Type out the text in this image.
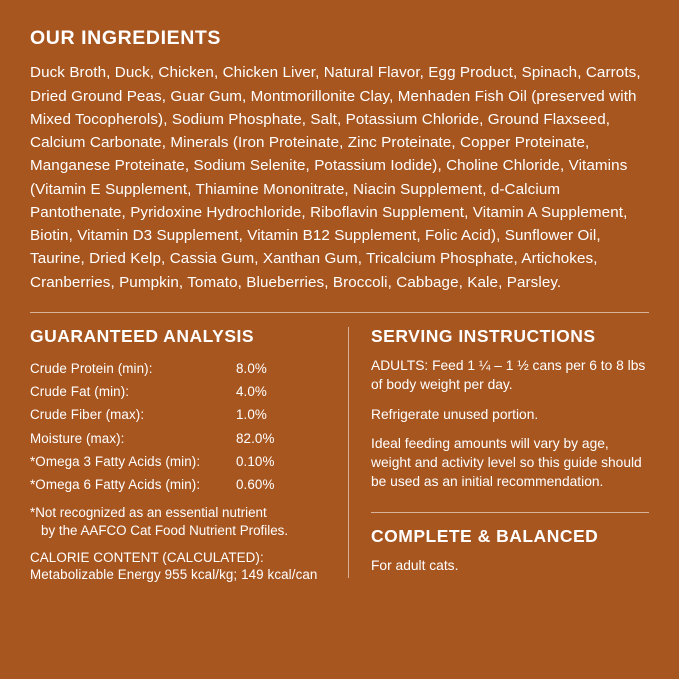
OUR INGREDIENTS

Duck Broth, Duck, Chicken, Chicken Liver, Natural Flavor, Egg Product, Spinach, Carrots, Dried Ground Peas, Guar Gum, Montmorillonite Clay, Menhaden Fish Oil (preserved with Mixed Tocopherols), Sodium Phosphate, Salt, Potassium Chloride, Ground Flaxseed, Calcium Carbonate, Minerals (Iron Proteinate, Zinc Proteinate, Copper Proteinate, Manganese Proteinate, Sodium Selenite, Potassium Iodide), Choline Chloride, Vitamins (Vitamin E Supplement, Thiamine Mononitrate, Niacin Supplement, d-Calcium Pantothenate, Pyridoxine Hydrochloride, Riboflavin Supplement, Vitamin A Supplement, Biotin, Vitamin D3 Supplement, Vitamin B12 Supplement, Folic Acid), Sunflower Oil, Taurine, Dried Kelp, Cassia Gum, Xanthan Gum, Tricalcium Phosphate, Artichokes, Cranberries, Pumpkin, Tomato, Blueberries, Broccoli, Cabbage, Kale, Parsley.

GUARANTEED ANALYSIS
Crude Protein (min):	8.0%
Crude Fat (min):	4.0%
Crude Fiber (max):	1.0%
Moisture (max):	82.0%
*Omega 3 Fatty Acids (min):	0.10%
*Omega 6 Fatty Acids (min):	0.60%

*Not recognized as an essential nutrient
by the AAFCO Cat Food Nutrient Profiles.

CALORIE CONTENT (CALCULATED):

Metabolizable Energy 955 kcal/kg; 149 kcal/can

SERVING INSTRUCTIONS

ADULTS: Feed 1 ¼ – 1 ½ cans per 6 to 8 lbs of body weight per day.

Refrigerate unused portion.

Ideal feeding amounts will vary by age, weight and activity level so this guide should be used as an initial recommendation.

COMPLETE & BALANCED

For adult cats.
